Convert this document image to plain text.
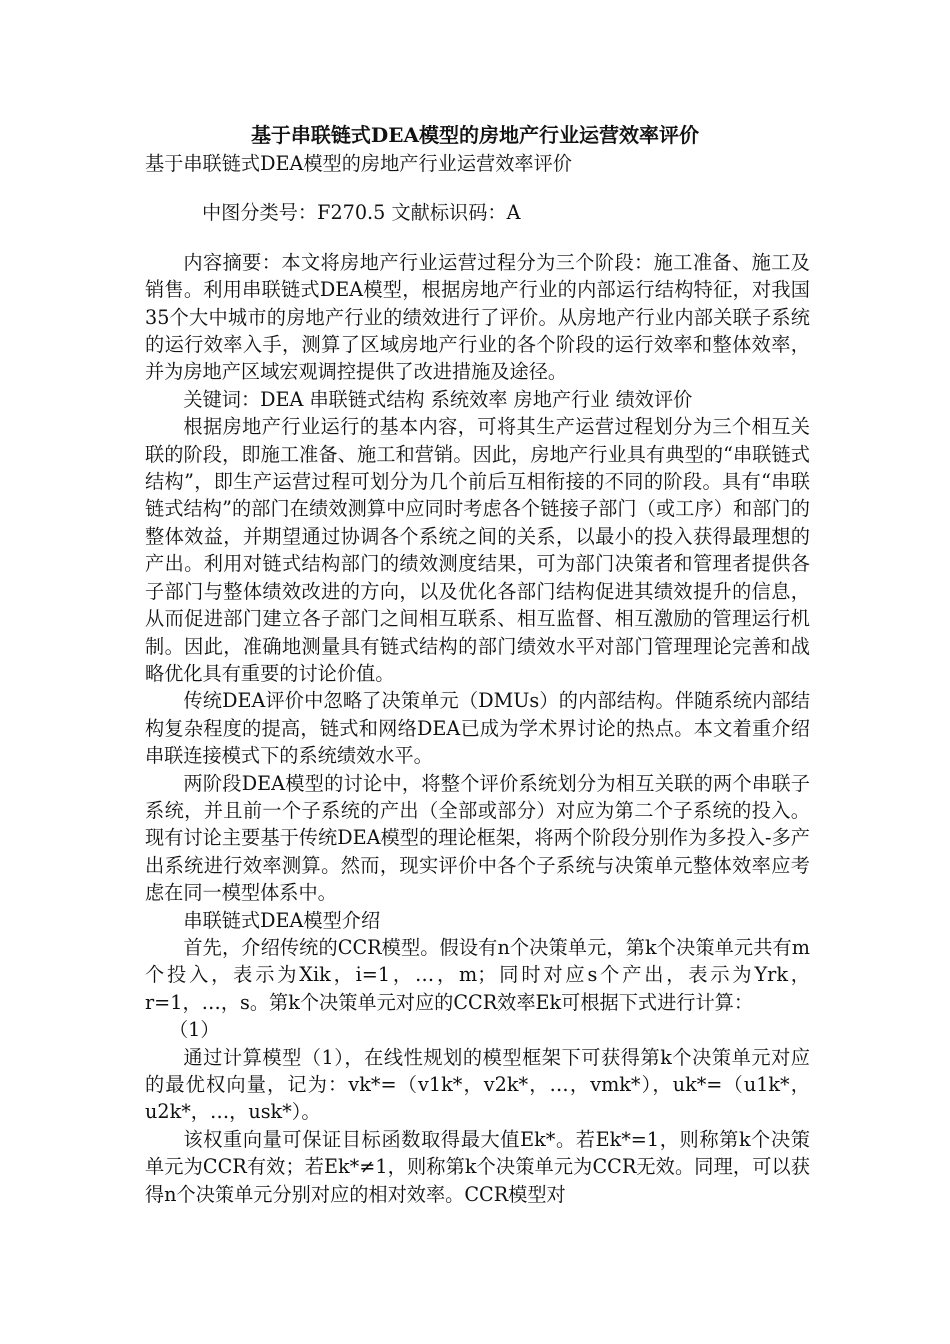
基于串联链式DEA模型的房地产行业运营效率评价

基于串联链式DEA模型的房地产行业运营效率评价

中图分类号：F270.5 文献标识码：A

内容摘要：本文将房地产行业运营过程分为三个阶段：施工准备、施工及销售。利用串联链式DEA模型，根据房地产行业的内部运行结构特征，对我国35个大中城市的房地产行业的绩效进行了评价。从房地产行业内部关联子系统的运行效率入手，测算了区域房地产行业的各个阶段的运行效率和整体效率，并为房地产区域宏观调控提供了改进措施及途径。

关键词：DEA 串联链式结构 系统效率 房地产行业 绩效评价

根据房地产行业运行的基本内容，可将其生产运营过程划分为三个相互关联的阶段，即施工准备、施工和营销。因此，房地产行业具有典型的“串联链式结构”，即生产运营过程可划分为几个前后互相衔接的不同的阶段。具有“串联链式结构”的部门在绩效测算中应同时考虑各个链接子部门（或工序）和部门的整体效益，并期望通过协调各个系统之间的关系，以最小的投入获得最理想的产出。利用对链式结构部门的绩效测度结果，可为部门决策者和管理者提供各子部门与整体绩效改进的方向，以及优化各部门结构促进其绩效提升的信息，从而促进部门建立各子部门之间相互联系、相互监督、相互激励的管理运行机制。因此，准确地测量具有链式结构的部门绩效水平对部门管理理论完善和战略优化具有重要的讨论价值。

传统DEA评价中忽略了决策单元（DMUs）的内部结构。伴随系统内部结构复杂程度的提高，链式和网络DEA已成为学术界讨论的热点。本文着重介绍串联连接模式下的系统绩效水平。

两阶段DEA模型的讨论中，将整个评价系统划分为相互关联的两个串联子系统，并且前一个子系统的产出（全部或部分）对应为第二个子系统的投入。现有讨论主要基于传统DEA模型的理论框架，将两个阶段分别作为多投入-多产出系统进行效率测算。然而，现实评价中各个子系统与决策单元整体效率应考虑在同一模型体系中。

串联链式DEA模型介绍

首先，介绍传统的CCR模型。假设有n个决策单元，第k个决策单元共有m个投入，表示为Xik，i=1，…，m；同时对应s个产出，表示为Yrk，r=1，…，s。第k个决策单元对应的CCR效率Ek可根据下式进行计算：

（1）

通过计算模型（1），在线性规划的模型框架下可获得第k个决策单元对应的最优权向量，记为：vk*=（v1k*，v2k*，…，vmk*），uk*=（u1k*，u2k*，…，usk*）。

该权重向量可保证目标函数取得最大值Ek*。若Ek*=1，则称第k个决策单元为CCR有效；若Ek*≠1，则称第k个决策单元为CCR无效。同理，可以获得n个决策单元分别对应的相对效率。CCR模型对
